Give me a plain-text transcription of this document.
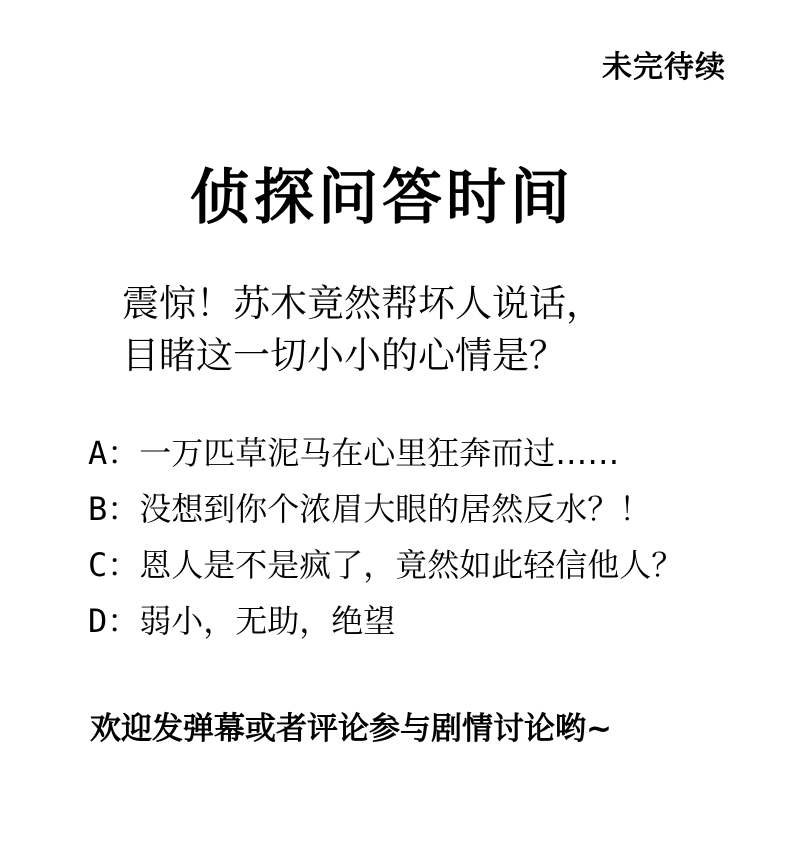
未完待续
侦探问答时间
震惊！苏木竟然帮坏人说话，
目睹这一切小小的心情是？
A：一万匹草泥马在心里狂奔而过……
B：没想到你个浓眉大眼的居然反水？！
C：恩人是不是疯了，竟然如此轻信他人？
D：弱小，无助，绝望
欢迎发弹幕或者评论参与剧情讨论哟~
